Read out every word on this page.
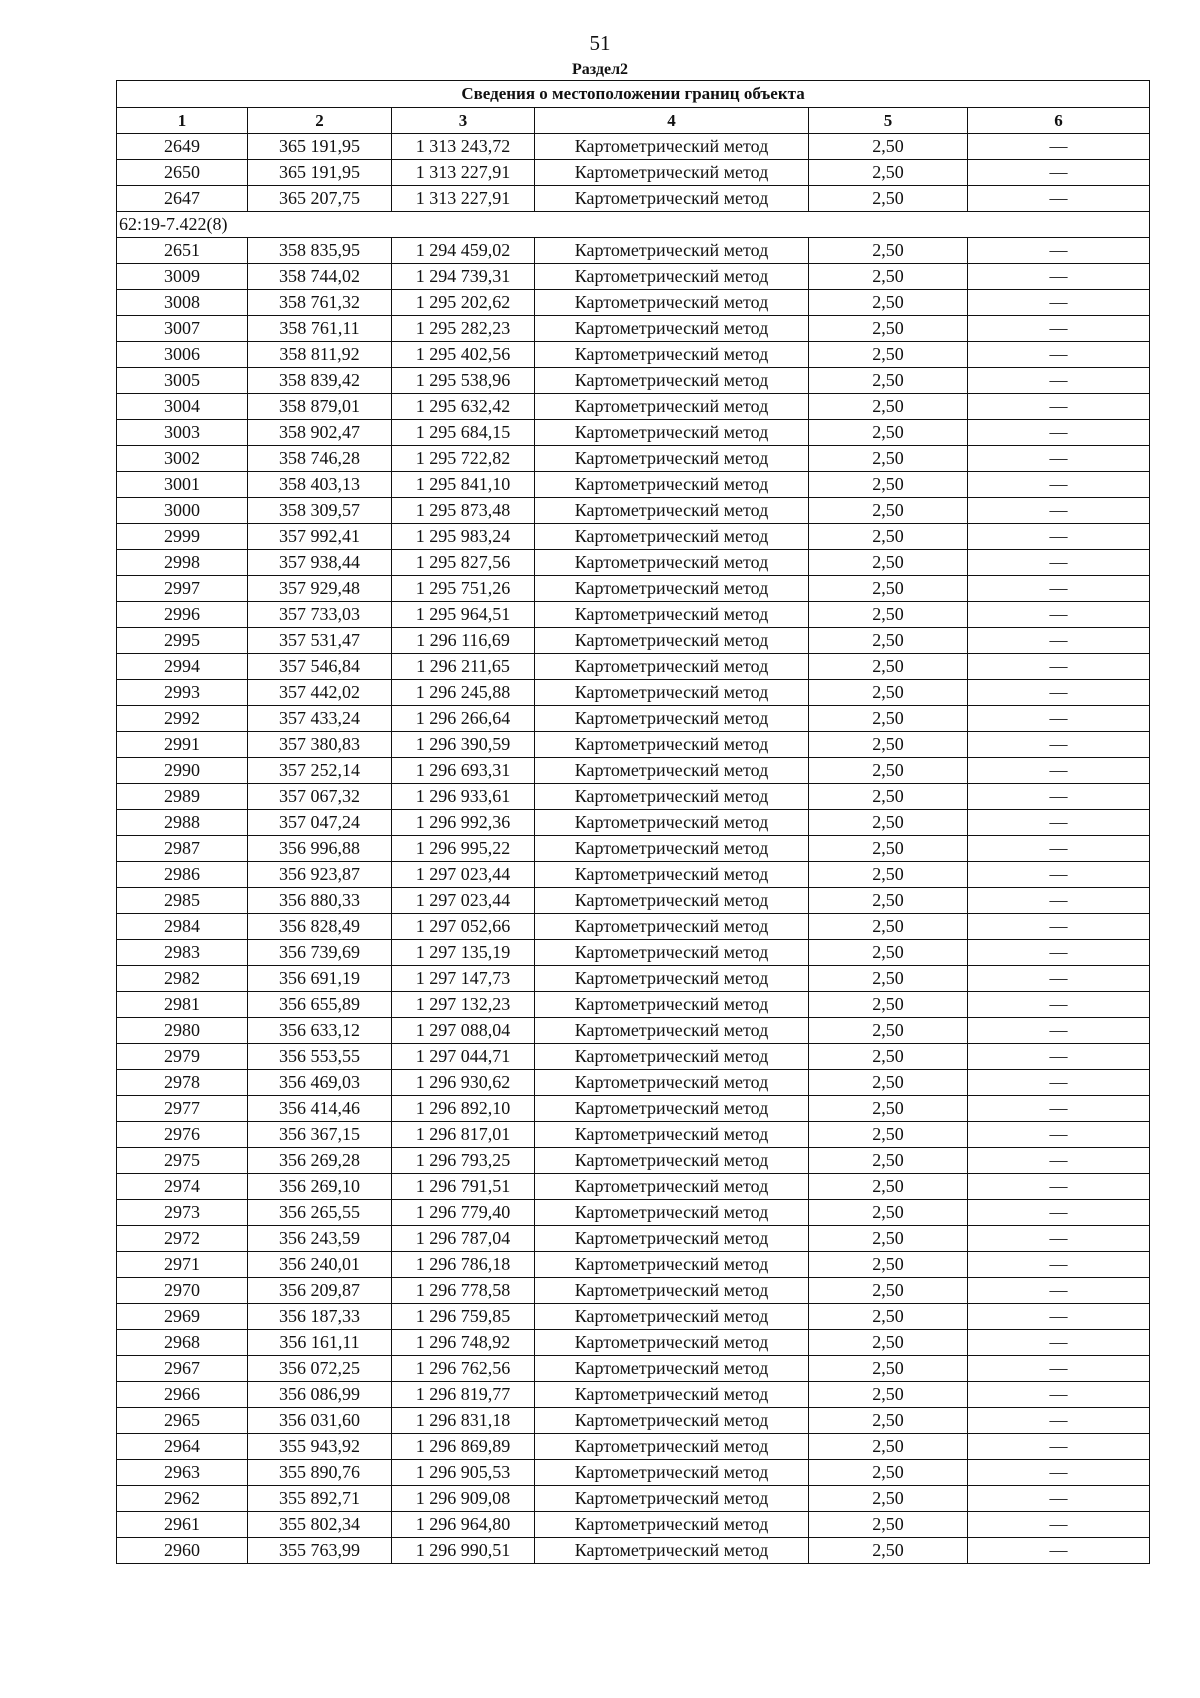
51
Раздел2
Сведения о местоположении границ объекта					
1	2	3	4	5	6
2649	365 191,95	1 313 243,72	Картометрический метод	2,50	—
2650	365 191,95	1 313 227,91	Картометрический метод	2,50	—
2647	365 207,75	1 313 227,91	Картометрический метод	2,50	—
62:19-7.422(8)					
2651	358 835,95	1 294 459,02	Картометрический метод	2,50	—
3009	358 744,02	1 294 739,31	Картометрический метод	2,50	—
3008	358 761,32	1 295 202,62	Картометрический метод	2,50	—
3007	358 761,11	1 295 282,23	Картометрический метод	2,50	—
3006	358 811,92	1 295 402,56	Картометрический метод	2,50	—
3005	358 839,42	1 295 538,96	Картометрический метод	2,50	—
3004	358 879,01	1 295 632,42	Картометрический метод	2,50	—
3003	358 902,47	1 295 684,15	Картометрический метод	2,50	—
3002	358 746,28	1 295 722,82	Картометрический метод	2,50	—
3001	358 403,13	1 295 841,10	Картометрический метод	2,50	—
3000	358 309,57	1 295 873,48	Картометрический метод	2,50	—
2999	357 992,41	1 295 983,24	Картометрический метод	2,50	—
2998	357 938,44	1 295 827,56	Картометрический метод	2,50	—
2997	357 929,48	1 295 751,26	Картометрический метод	2,50	—
2996	357 733,03	1 295 964,51	Картометрический метод	2,50	—
2995	357 531,47	1 296 116,69	Картометрический метод	2,50	—
2994	357 546,84	1 296 211,65	Картометрический метод	2,50	—
2993	357 442,02	1 296 245,88	Картометрический метод	2,50	—
2992	357 433,24	1 296 266,64	Картометрический метод	2,50	—
2991	357 380,83	1 296 390,59	Картометрический метод	2,50	—
2990	357 252,14	1 296 693,31	Картометрический метод	2,50	—
2989	357 067,32	1 296 933,61	Картометрический метод	2,50	—
2988	357 047,24	1 296 992,36	Картометрический метод	2,50	—
2987	356 996,88	1 296 995,22	Картометрический метод	2,50	—
2986	356 923,87	1 297 023,44	Картометрический метод	2,50	—
2985	356 880,33	1 297 023,44	Картометрический метод	2,50	—
2984	356 828,49	1 297 052,66	Картометрический метод	2,50	—
2983	356 739,69	1 297 135,19	Картометрический метод	2,50	—
2982	356 691,19	1 297 147,73	Картометрический метод	2,50	—
2981	356 655,89	1 297 132,23	Картометрический метод	2,50	—
2980	356 633,12	1 297 088,04	Картометрический метод	2,50	—
2979	356 553,55	1 297 044,71	Картометрический метод	2,50	—
2978	356 469,03	1 296 930,62	Картометрический метод	2,50	—
2977	356 414,46	1 296 892,10	Картометрический метод	2,50	—
2976	356 367,15	1 296 817,01	Картометрический метод	2,50	—
2975	356 269,28	1 296 793,25	Картометрический метод	2,50	—
2974	356 269,10	1 296 791,51	Картометрический метод	2,50	—
2973	356 265,55	1 296 779,40	Картометрический метод	2,50	—
2972	356 243,59	1 296 787,04	Картометрический метод	2,50	—
2971	356 240,01	1 296 786,18	Картометрический метод	2,50	—
2970	356 209,87	1 296 778,58	Картометрический метод	2,50	—
2969	356 187,33	1 296 759,85	Картометрический метод	2,50	—
2968	356 161,11	1 296 748,92	Картометрический метод	2,50	—
2967	356 072,25	1 296 762,56	Картометрический метод	2,50	—
2966	356 086,99	1 296 819,77	Картометрический метод	2,50	—
2965	356 031,60	1 296 831,18	Картометрический метод	2,50	—
2964	355 943,92	1 296 869,89	Картометрический метод	2,50	—
2963	355 890,76	1 296 905,53	Картометрический метод	2,50	—
2962	355 892,71	1 296 909,08	Картометрический метод	2,50	—
2961	355 802,34	1 296 964,80	Картометрический метод	2,50	—
2960	355 763,99	1 296 990,51	Картометрический метод	2,50	—
